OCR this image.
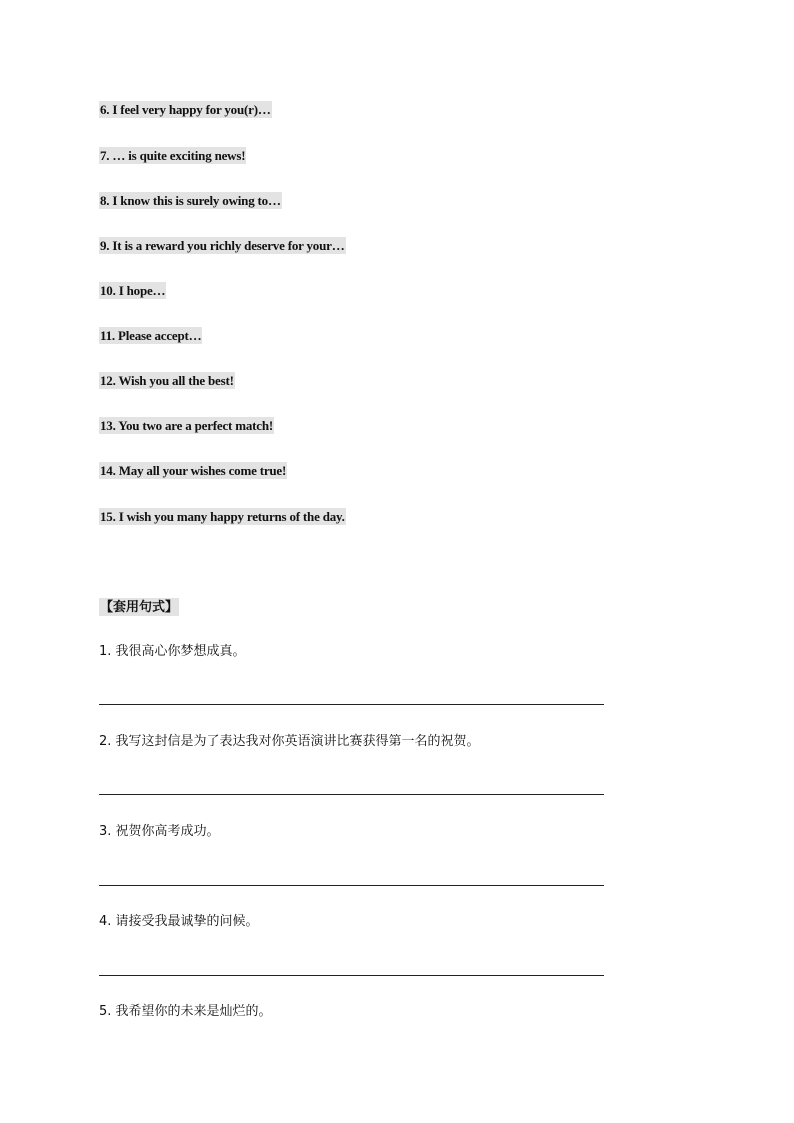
6. I feel very happy for you(r)…
7. … is quite exciting news!
8. I know this is surely owing to…
9. It is a reward you richly deserve for your…
10. I hope…
11. Please accept…
12. Wish you all the best!
13. You two are a perfect match!
14. May all your wishes come true!
15. I wish you many happy returns of the day.
【套用句式】
1. 我很高心你梦想成真。
2. 我写这封信是为了表达我对你英语演讲比赛获得第一名的祝贺。
3. 祝贺你高考成功。
4. 请接受我最诚挚的问候。
5. 我希望你的未来是灿烂的。
